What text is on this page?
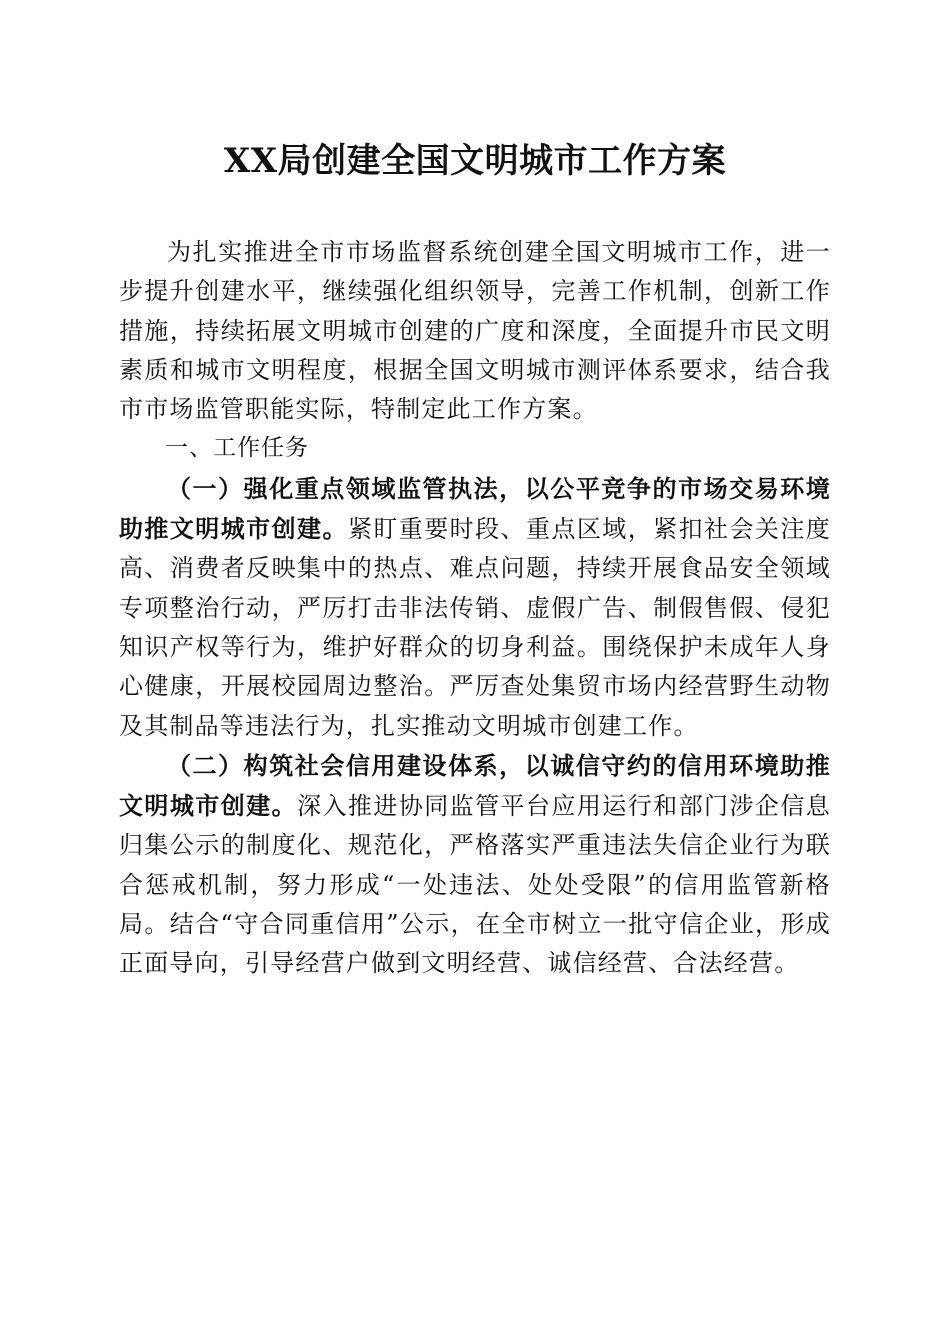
XX局创建全国文明城市工作方案

为扎实推进全市市场监督系统创建全国文明城市工作，进一步提升创建水平，继续强化组织领导，完善工作机制，创新工作措施，持续拓展文明城市创建的广度和深度，全面提升市民文明素质和城市文明程度，根据全国文明城市测评体系要求，结合我市市场监管职能实际，特制定此工作方案。

一、工作任务

（一）强化重点领域监管执法，以公平竞争的市场交易环境助推文明城市创建。紧盯重要时段、重点区域，紧扣社会关注度高、消费者反映集中的热点、难点问题，持续开展食品安全领域专项整治行动，严厉打击非法传销、虚假广告、制假售假、侵犯知识产权等行为，维护好群众的切身利益。围绕保护未成年人身心健康，开展校园周边整治。严厉查处集贸市场内经营野生动物及其制品等违法行为，扎实推动文明城市创建工作。

（二）构筑社会信用建设体系，以诚信守约的信用环境助推文明城市创建。深入推进协同监管平台应用运行和部门涉企信息归集公示的制度化、规范化，严格落实严重违法失信企业行为联合惩戒机制，努力形成“一处违法、处处受限”的信用监管新格局。结合“守合同重信用”公示，在全市树立一批守信企业，形成正面导向，引导经营户做到文明经营、诚信经营、合法经营。
